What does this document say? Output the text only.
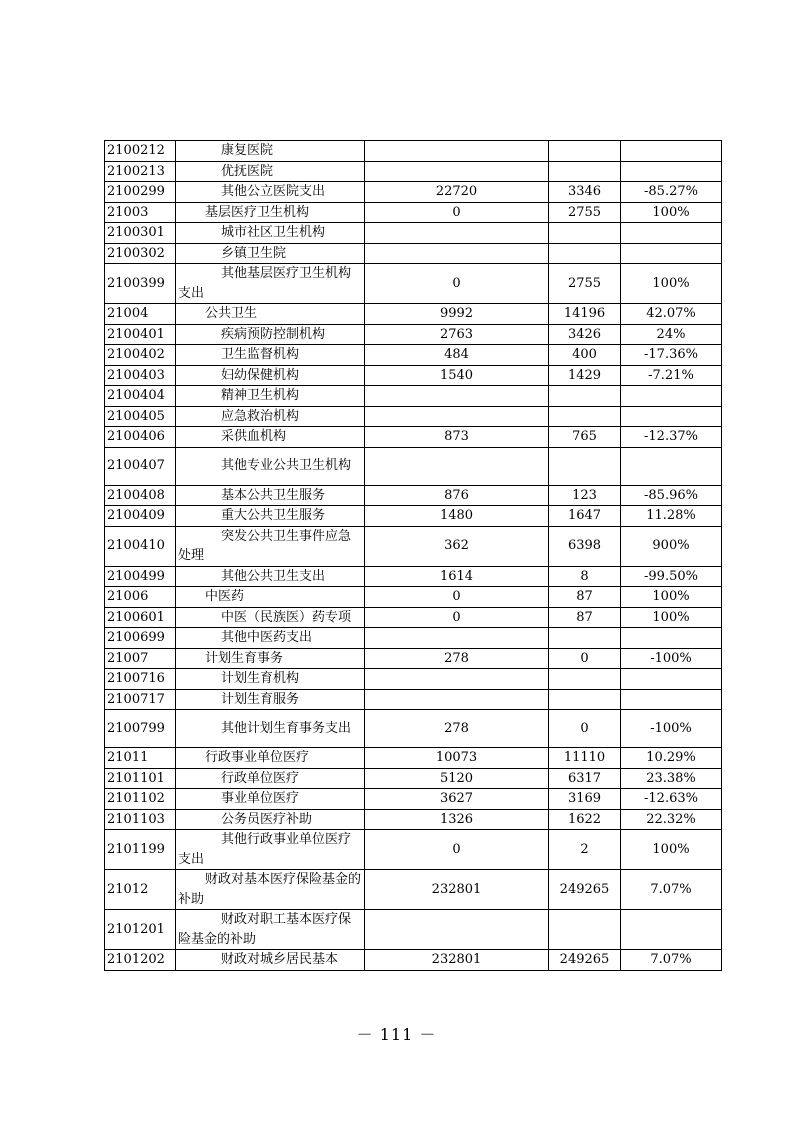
2100212	康复医院			
2100213	优抚医院			
2100299	其他公立医院支出	22720	3346	-85.27%
21003	基层医疗卫生机构	0	2755	100%
2100301	城市社区卫生机构			
2100302	乡镇卫生院			
2100399	其他基层医疗卫生机构支出	0	2755	100%
21004	公共卫生	9992	14196	42.07%
2100401	疾病预防控制机构	2763	3426	24%
2100402	卫生监督机构	484	400	-17.36%
2100403	妇幼保健机构	1540	1429	-7.21%
2100404	精神卫生机构			
2100405	应急救治机构			
2100406	采供血机构	873	765	-12.37%
2100407	其他专业公共卫生机构			
2100408	基本公共卫生服务	876	123	-85.96%
2100409	重大公共卫生服务	1480	1647	11.28%
2100410	突发公共卫生事件应急处理	362	6398	900%
2100499	其他公共卫生支出	1614	8	-99.50%
21006	中医药	0	87	100%
2100601	中医（民族医）药专项	0	87	100%
2100699	其他中医药支出			
21007	计划生育事务	278	0	-100%
2100716	计划生育机构			
2100717	计划生育服务			
2100799	其他计划生育事务支出	278	0	-100%
21011	行政事业单位医疗	10073	11110	10.29%
2101101	行政单位医疗	5120	6317	23.38%
2101102	事业单位医疗	3627	3169	-12.63%
2101103	公务员医疗补助	1326	1622	22.32%
2101199	其他行政事业单位医疗支出	0	2	100%
21012	财政对基本医疗保险基金的补助	232801	249265	7.07%
2101201	财政对职工基本医疗保险基金的补助			
2101202	财政对城乡居民基本	232801	249265	7.07%
－ 111 －
